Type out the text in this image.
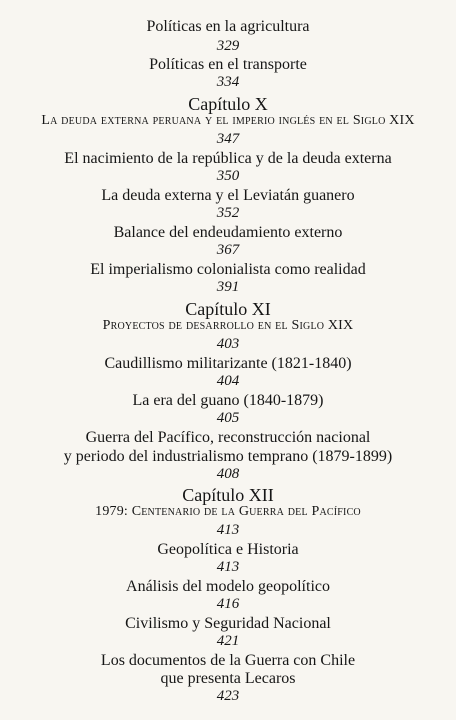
Políticas en la agricultura
329
Políticas en el transporte
334
Capítulo X
La deuda externa peruana y el imperio inglés en el Siglo XIX
347
El nacimiento de la república y de la deuda externa
350
La deuda externa y el Leviatán guanero
352
Balance del endeudamiento externo
367
El imperialismo colonialista como realidad
391
Capítulo XI
Proyectos de desarrollo en el Siglo XIX
403
Caudillismo militarizante (1821-1840)
404
La era del guano (1840-1879)
405
Guerra del Pacífico, reconstrucción nacional
y periodo del industrialismo temprano (1879-1899)
408
Capítulo XII
1979: Centenario de la Guerra del Pacífico
413
Geopolítica e Historia
413
Análisis del modelo geopolítico
416
Civilismo y Seguridad Nacional
421
Los documentos de la Guerra con Chile
que presenta Lecaros
423
